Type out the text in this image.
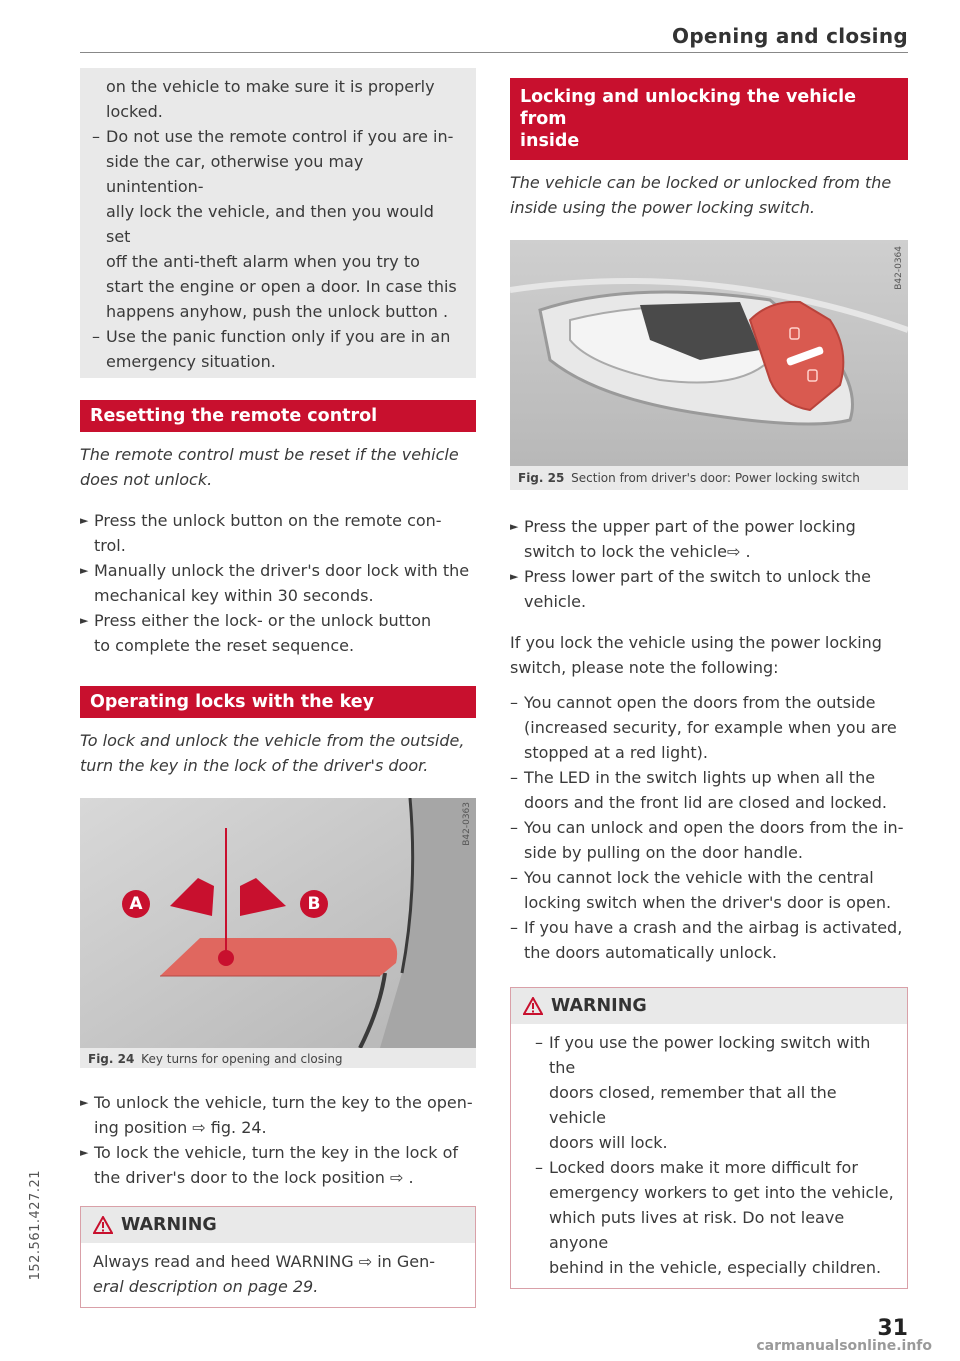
Opening and closing

on the vehicle to make sure it is properly

locked.

– Do not use the remote control if you are in-
side the car, otherwise you may unintention-
ally lock the vehicle, and then you would set
off the anti-theft alarm when you try to
start the engine or open a door. In case this
happens anyhow, push the unlock button .
– Use the panic function only if you are in an
emergency situation.
Resetting the remote control

The remote control must be reset if the vehicle
does not unlock.

► Press the unlock button on the remote con-
trol.
► Manually unlock the driver's door lock with the
mechanical key within 30 seconds.
► Press either the lock- or the unlock button
to complete the reset sequence.
Operating locks with the key

To lock and unlock the vehicle from the outside,
turn the key in the lock of the driver's door.

A	B
B42-0363
Fig. 24 Key turns for opening and closing
► To unlock the vehicle, turn the key to the open-
ing position ⇨ fig. 24.
► To lock the vehicle, turn the key in the lock of
the driver's door to the lock position ⇨ .
WARNING

Always read and heed WARNING ⇨ in Gen-
eral description on page 29.

Locking and unlocking the vehicle from
inside

The vehicle can be locked or unlocked from the
inside using the power locking switch.

B42-0364
Fig. 25 Section from driver's door: Power locking switch
► Press the upper part of the power locking
switch to lock the vehicle⇨ .
► Press lower part of the switch to unlock the
vehicle.

If you lock the vehicle using the power locking
switch, please note the following:

– You cannot open the doors from the outside
(increased security, for example when you are
stopped at a red light).
– The LED in the switch lights up when all the
doors and the front lid are closed and locked.
– You can unlock and open the doors from the in-
side by pulling on the door handle.
– You cannot lock the vehicle with the central
locking switch when the driver's door is open.
– If you have a crash and the airbag is activated,
the doors automatically unlock.
WARNING
– If you use the power locking switch with the
doors closed, remember that all the vehicle
doors will lock.
– Locked doors make it more difficult for
emergency workers to get into the vehicle,
which puts lives at risk. Do not leave anyone
behind in the vehicle, especially children.
152.561.427.21
31
carmanualsonline.info
